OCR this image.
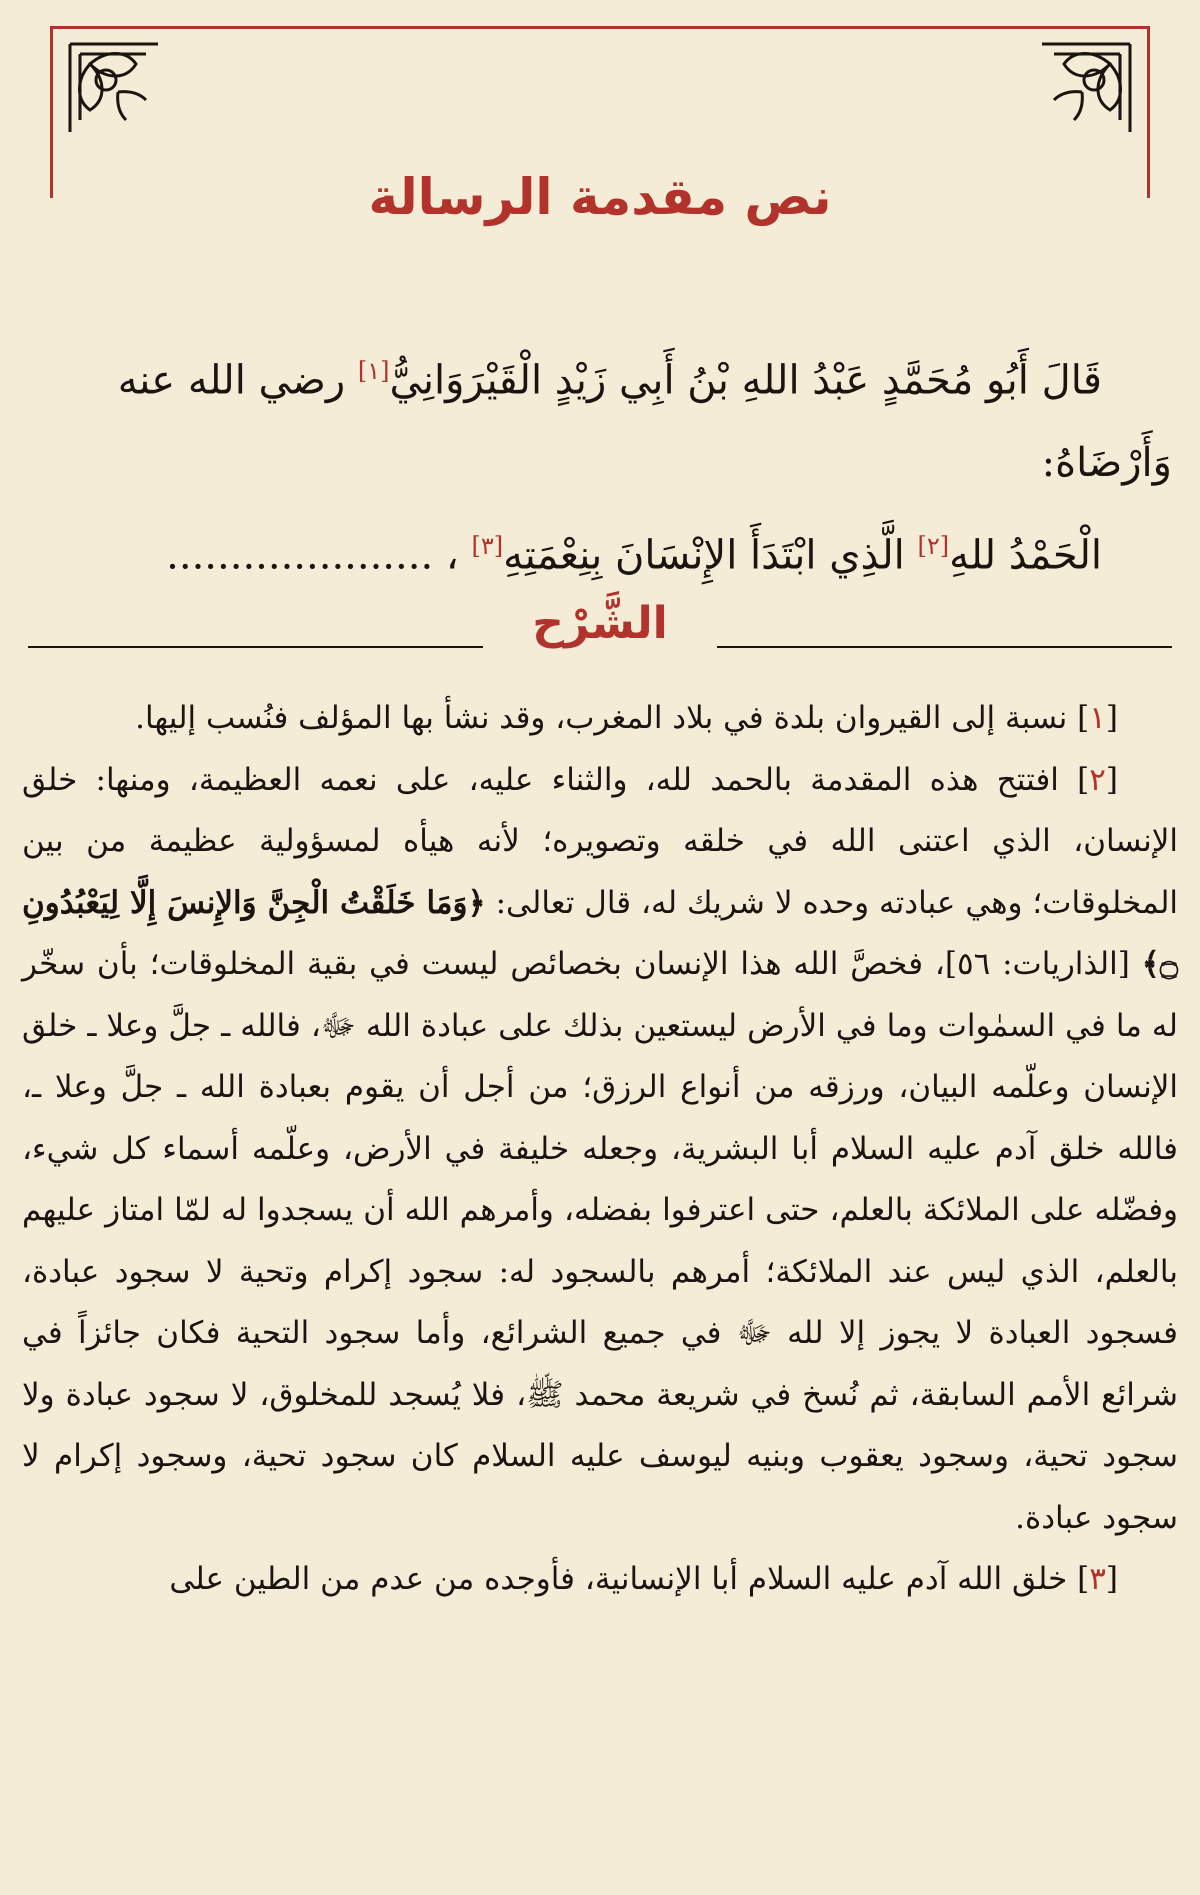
نص مقدمة الرسالة

قَالَ أَبُو مُحَمَّدٍ عَبْدُ اللهِ بْنُ أَبِي زَيْدٍ الْقَيْرَوَانِيُّ[١] رضي الله عنه

وَأَرْضَاهُ:

الْحَمْدُ للهِ[٢] الَّذِي ابْتَدَأَ الإِنْسَانَ بِنِعْمَتِهِ[٣] ، .....................

الشَّرْح

[١] نسبة إلى القيروان بلدة في بلاد المغرب، وقد نشأ بها المؤلف فنُسب إليها.

[٢] افتتح هذه المقدمة بالحمد لله، والثناء عليه، على نعمه العظيمة، ومنها: خلق الإنسان، الذي اعتنى الله في خلقه وتصويره؛ لأنه هيأه لمسؤولية عظيمة من بين المخلوقات؛ وهي عبادته وحده لا شريك له، قال تعالى: ﴿وَمَا خَلَقْتُ الْجِنَّ وَالإِنسَ إِلَّا لِيَعْبُدُونِ ۝﴾ [الذاريات: ٥٦]، فخصَّ الله هذا الإنسان بخصائص ليست في بقية المخلوقات؛ بأن سخّر له ما في السمٰوات وما في الأرض ليستعين بذلك على عبادة الله ﷻ، فالله ـ جلَّ وعلا ـ خلق الإنسان وعلّمه البيان، ورزقه من أنواع الرزق؛ من أجل أن يقوم بعبادة الله ـ جلَّ وعلا ـ، فالله خلق آدم عليه السلام أبا البشرية، وجعله خليفة في الأرض، وعلّمه أسماء كل شيء، وفضّله على الملائكة بالعلم، حتى اعترفوا بفضله، وأمرهم الله أن يسجدوا له لمّا امتاز عليهم بالعلم، الذي ليس عند الملائكة؛ أمرهم بالسجود له: سجود إكرام وتحية لا سجود عبادة، فسجود العبادة لا يجوز إلا لله ﷻ في جميع الشرائع، وأما سجود التحية فكان جائزاً في شرائع الأمم السابقة، ثم نُسخ في شريعة محمد ﷺ، فلا يُسجد للمخلوق، لا سجود عبادة ولا سجود تحية، وسجود يعقوب وبنيه ليوسف عليه السلام كان سجود تحية، وسجود إكرام لا سجود عبادة.

[٣] خلق الله آدم عليه السلام أبا الإنسانية، فأوجده من عدم من الطين على
